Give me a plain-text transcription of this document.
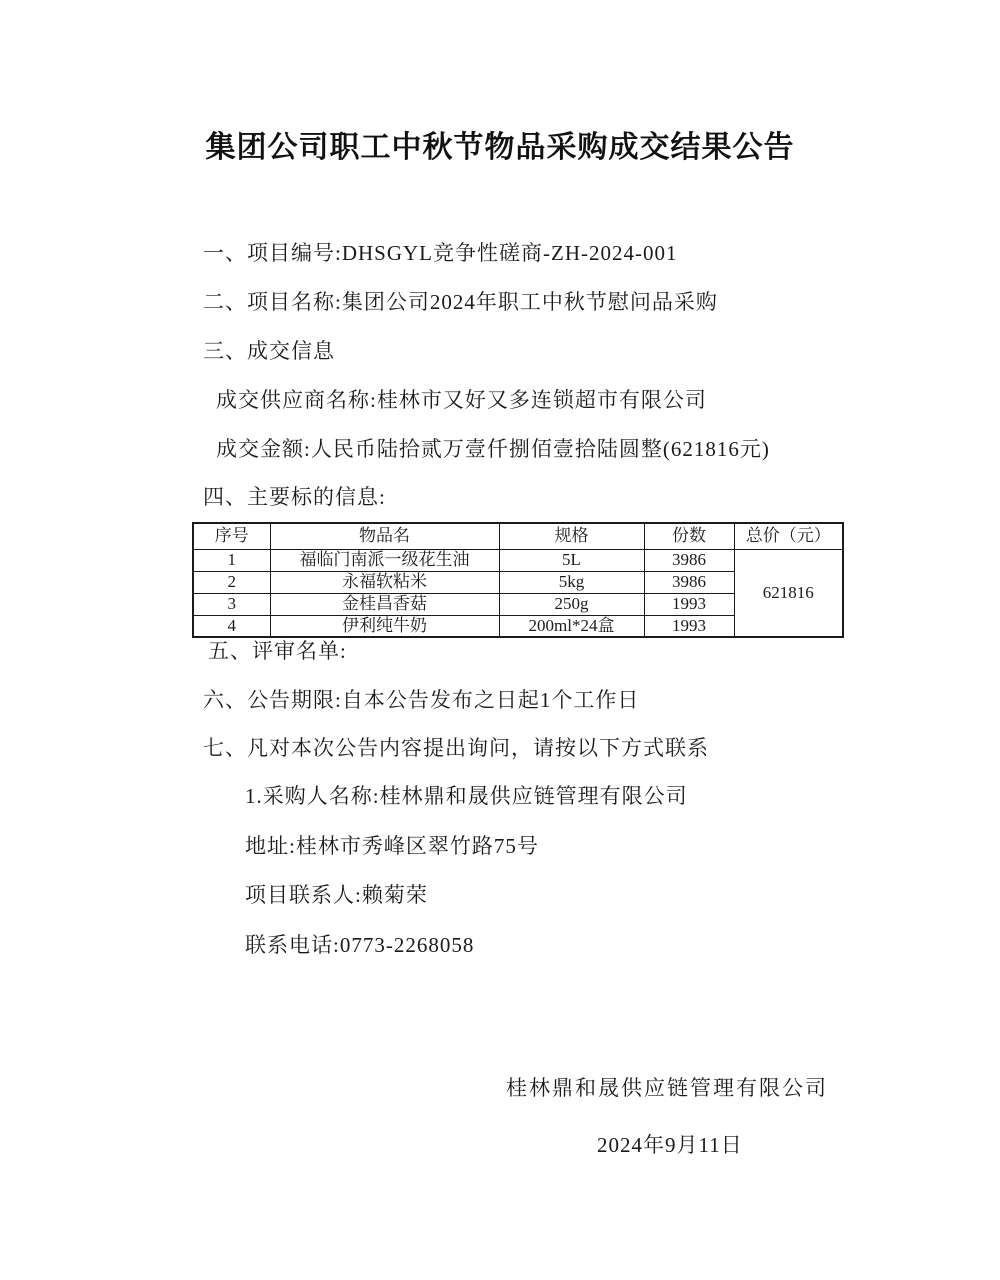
集团公司职工中秋节物品采购成交结果公告
一、项目编号:DHSGYL竞争性磋商-ZH-2024-001
二、项目名称:集团公司2024年职工中秋节慰问品采购
三、成交信息
成交供应商名称:桂林市又好又多连锁超市有限公司
成交金额:人民币陆拾贰万壹仟捌佰壹拾陆圆整(621816元)
四、主要标的信息:
序号	物品名	规格	份数	总价（元）
1	福临门南派一级花生油	5L	3986	621816
2	永福软粘米	5kg	3986	
3	金桂昌香菇	250g	1993	
4	伊利纯牛奶	200ml*24盒	1993	
五、评审名单:
六、公告期限:自本公告发布之日起1个工作日
七、凡对本次公告内容提出询问，请按以下方式联系
1.采购人名称:桂林鼎和晟供应链管理有限公司
地址:桂林市秀峰区翠竹路75号
项目联系人:赖菊荣
联系电话:0773-2268058
桂林鼎和晟供应链管理有限公司
2024年9月11日
